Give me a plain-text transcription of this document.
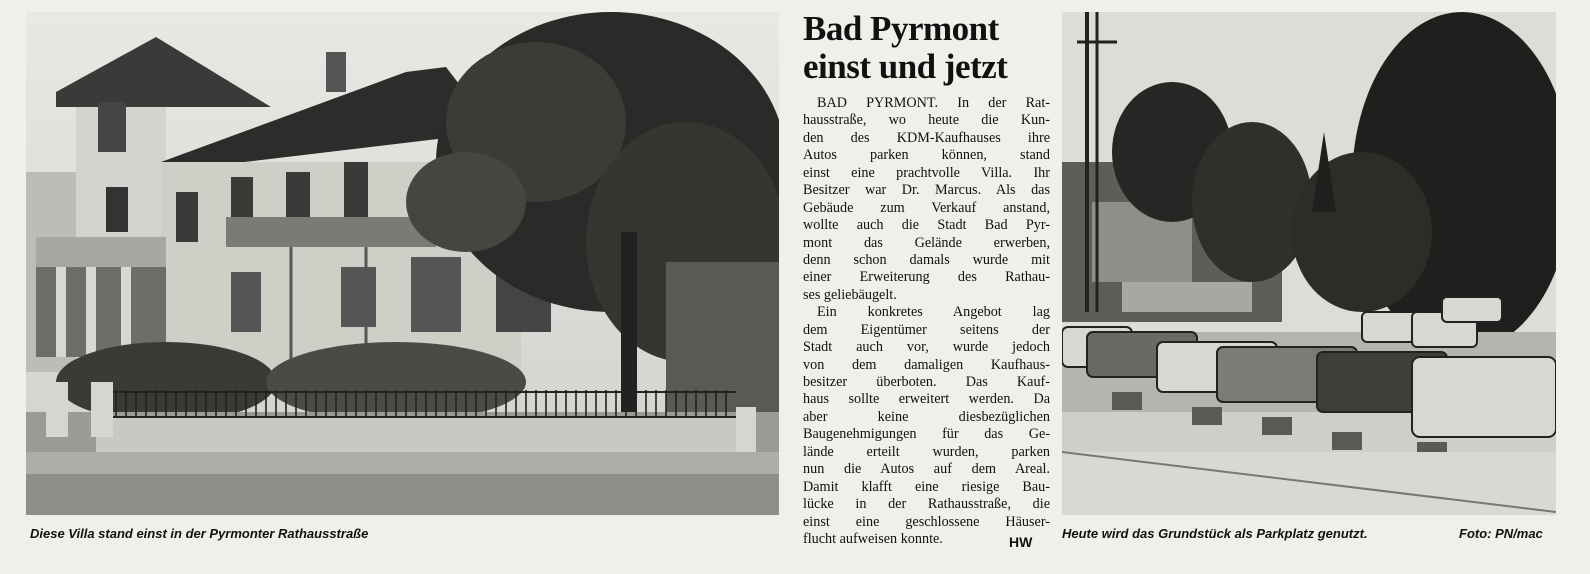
Diese Villa stand einst in der Pyrmonter Rathausstraße
Bad Pyrmont
einst und jetzt
BAD PYRMONT. In der Rat-
hausstraße, wo heute die Kun-
den des KDM-Kaufhauses ihre
Autos parken können, stand
einst eine prachtvolle Villa. Ihr
Besitzer war Dr. Marcus. Als das
Gebäude zum Verkauf anstand,
wollte auch die Stadt Bad Pyr-
mont das Gelände erwerben,
denn schon damals wurde mit
einer Erweiterung des Rathau-
ses geliebäugelt.
Ein konkretes Angebot lag
dem Eigentümer seitens der
Stadt auch vor, wurde jedoch
von dem damaligen Kaufhaus-
besitzer überboten. Das Kauf-
haus sollte erweitert werden. Da
aber keine diesbezüglichen
Baugenehmigungen für das Ge-
lände erteilt wurden, parken
nun die Autos auf dem Areal.
Damit klafft eine riesige Bau-
lücke in der Rathausstraße, die
einst eine geschlossene Häuser-
flucht aufweisen konnte.	HW
Heute wird das Grundstück als Parkplatz genutzt.	Foto: PN/mac
